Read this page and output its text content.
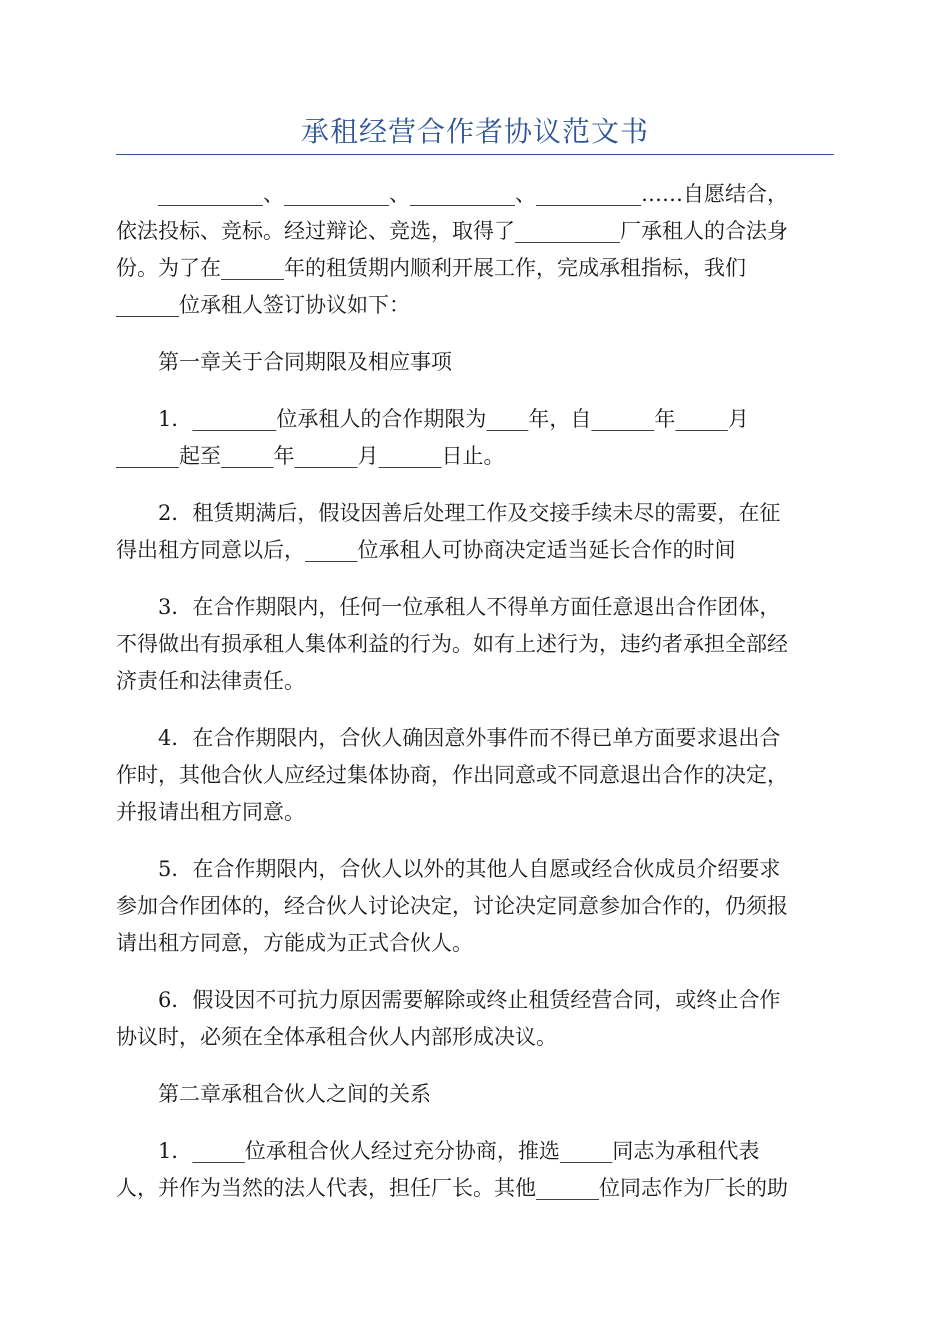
承租经营合作者协议范文书
__________、__________、__________、__________……自愿结合，
依法投标、竞标。经过辩论、竞选，取得了__________厂承租人的合法身
份。为了在______年的租赁期内顺利开展工作，完成承租指标，我们
______位承租人签订协议如下：
第一章关于合同期限及相应事项
1．________位承租人的合作期限为____年，自______年_____月
______起至_____年______月______日止。
2．租赁期满后，假设因善后处理工作及交接手续未尽的需要，在征
得出租方同意以后，_____位承租人可协商决定适当延长合作的时间
3．在合作期限内，任何一位承租人不得单方面任意退出合作团体，
不得做出有损承租人集体利益的行为。如有上述行为，违约者承担全部经
济责任和法律责任。
4．在合作期限内，合伙人确因意外事件而不得已单方面要求退出合
作时，其他合伙人应经过集体协商，作出同意或不同意退出合作的决定，
并报请出租方同意。
5．在合作期限内，合伙人以外的其他人自愿或经合伙成员介绍要求
参加合作团体的，经合伙人讨论决定，讨论决定同意参加合作的，仍须报
请出租方同意，方能成为正式合伙人。
6．假设因不可抗力原因需要解除或终止租赁经营合同，或终止合作
协议时，必须在全体承租合伙人内部形成决议。
第二章承租合伙人之间的关系
1．_____位承租合伙人经过充分协商，推选_____同志为承租代表
人，并作为当然的法人代表，担任厂长。其他______位同志作为厂长的助
